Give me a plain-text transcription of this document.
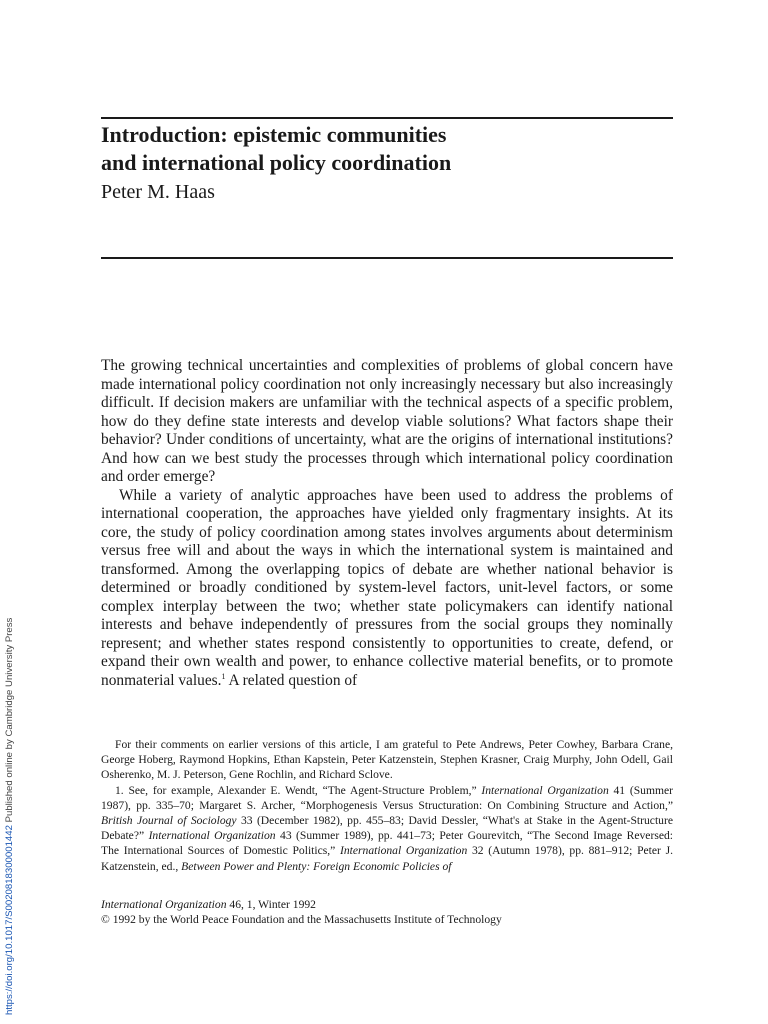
Introduction: epistemic communities
and international policy coordination
Peter M. Haas

The growing technical uncertainties and complexities of problems of global concern have made international policy coordination not only increasingly necessary but also increasingly difficult. If decision makers are unfamiliar with the technical aspects of a specific problem, how do they define state interests and develop viable solutions? What factors shape their behavior? Under conditions of uncertainty, what are the origins of international institutions? And how can we best study the processes through which international policy coordination and order emerge?

While a variety of analytic approaches have been used to address the problems of international cooperation, the approaches have yielded only fragmentary insights. At its core, the study of policy coordination among states involves arguments about determinism versus free will and about the ways in which the international system is maintained and transformed. Among the overlapping topics of debate are whether national behavior is determined or broadly conditioned by system-level factors, unit-level factors, or some complex interplay between the two; whether state policymakers can identify national interests and behave independently of pressures from the social groups they nominally represent; and whether states respond consistently to opportunities to create, defend, or expand their own wealth and power, to enhance collective material benefits, or to promote nonmaterial values.$^1$ A related question of

For their comments on earlier versions of this article, I am grateful to Pete Andrews, Peter Cowhey, Barbara Crane, George Hoberg, Raymond Hopkins, Ethan Kapstein, Peter Katzenstein, Stephen Krasner, Craig Murphy, John Odell, Gail Osherenko, M. J. Peterson, Gene Rochlin, and Richard Sclove.

1. See, for example, Alexander E. Wendt, “The Agent-Structure Problem,” International Organization 41 (Summer 1987), pp. 335–70; Margaret S. Archer, “Morphogenesis Versus Structuration: On Combining Structure and Action,” British Journal of Sociology 33 (December 1982), pp. 455–83; David Dessler, “What's at Stake in the Agent-Structure Debate?” International Organization 43 (Summer 1989), pp. 441–73; Peter Gourevitch, “The Second Image Reversed: The International Sources of Domestic Politics,” International Organization 32 (Autumn 1978), pp. 881–912; Peter J. Katzenstein, ed., Between Power and Plenty: Foreign Economic Policies of

International Organization 46, 1, Winter 1992
© 1992 by the World Peace Foundation and the Massachusetts Institute of Technology
https://doi.org/10.1017/S0020818300001442 Published online by Cambridge University Press
